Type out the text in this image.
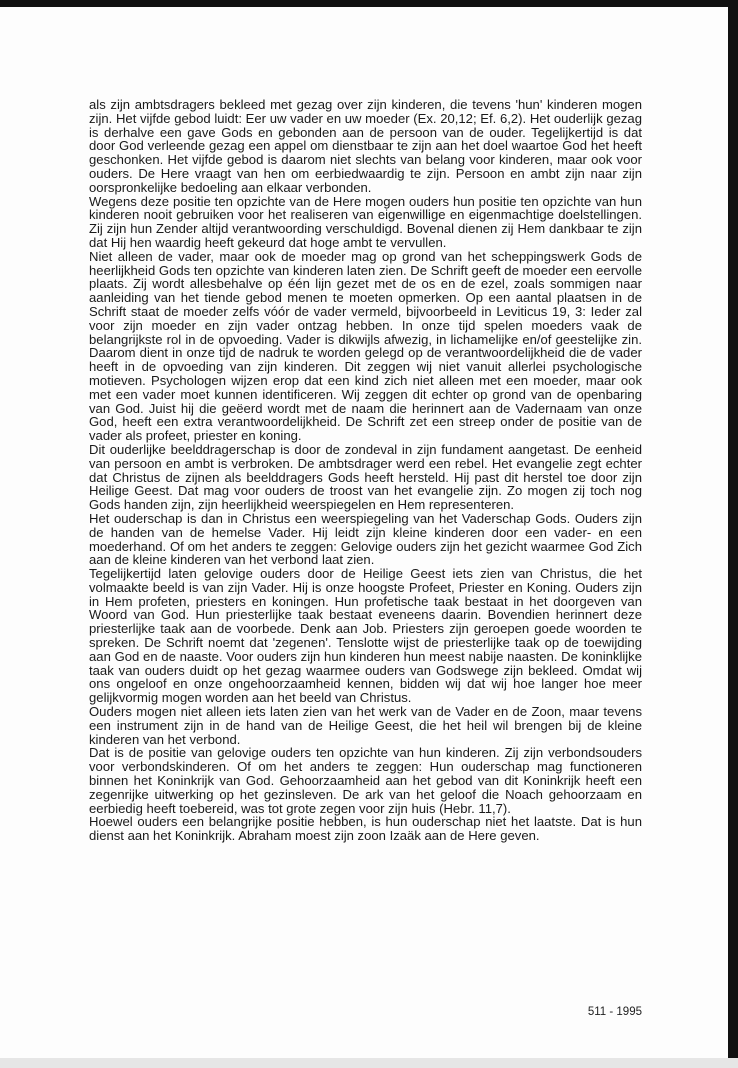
als zijn ambtsdragers bekleed met gezag over zijn kinderen, die tevens 'hun' kinderen mogen zijn. Het vijfde gebod luidt: Eer uw vader en uw moeder (Ex. 20,12; Ef. 6,2). Het ouderlijk gezag is derhalve een gave Gods en gebonden aan de persoon van de ouder. Tegelijkertijd is dat door God verleende gezag een appel om dienstbaar te zijn aan het doel waartoe God het heeft geschonken. Het vijfde gebod is daarom niet slechts van belang voor kinderen, maar ook voor ouders. De Here vraagt van hen om eerbiedwaardig te zijn. Persoon en ambt zijn naar zijn oorspronkelijke bedoeling aan elkaar verbonden.

Wegens deze positie ten opzichte van de Here mogen ouders hun positie ten opzichte van hun kinderen nooit gebruiken voor het realiseren van eigenwillige en eigenmachtige doelstellingen. Zij zijn hun Zender altijd verantwoording verschuldigd. Bovenal dienen zij Hem dankbaar te zijn dat Hij hen waardig heeft gekeurd dat hoge ambt te vervullen.

Niet alleen de vader, maar ook de moeder mag op grond van het scheppingswerk Gods de heerlijkheid Gods ten opzichte van kinderen laten zien. De Schrift geeft de moeder een eervolle plaats. Zij wordt allesbehalve op één lijn gezet met de os en de ezel, zoals sommigen naar aanleiding van het tiende gebod menen te moeten opmerken. Op een aantal plaatsen in de Schrift staat de moeder zelfs vóór de vader vermeld, bijvoorbeeld in Leviticus 19, 3: Ieder zal voor zijn moeder en zijn vader ontzag hebben. In onze tijd spelen moeders vaak de belangrijkste rol in de opvoeding. Vader is dikwijls afwezig, in lichamelijke en/of geestelijke zin. Daarom dient in onze tijd de nadruk te worden gelegd op de verantwoordelijkheid die de vader heeft in de opvoeding van zijn kinderen. Dit zeggen wij niet vanuit allerlei psychologische motieven. Psychologen wijzen erop dat een kind zich niet alleen met een moeder, maar ook met een vader moet kunnen identificeren. Wij zeggen dit echter op grond van de openbaring van God. Juist hij die geëerd wordt met de naam die herinnert aan de Vadernaam van onze God, heeft een extra verantwoordelijkheid. De Schrift zet een streep onder de positie van de vader als profeet, priester en koning.

Dit ouderlijke beelddragerschap is door de zondeval in zijn fundament aangetast. De eenheid van persoon en ambt is verbroken. De ambtsdrager werd een rebel. Het evangelie zegt echter dat Christus de zijnen als beelddragers Gods heeft hersteld. Hij past dit herstel toe door zijn Heilige Geest. Dat mag voor ouders de troost van het evangelie zijn. Zo mogen zij toch nog Gods handen zijn, zijn heerlijkheid weerspiegelen en Hem representeren.

Het ouderschap is dan in Christus een weerspiegeling van het Vaderschap Gods. Ouders zijn de handen van de hemelse Vader. Hij leidt zijn kleine kinderen door een vader- en een moederhand. Of om het anders te zeggen: Gelovige ouders zijn het gezicht waarmee God Zich aan de kleine kinderen van het verbond laat zien.

Tegelijkertijd laten gelovige ouders door de Heilige Geest iets zien van Christus, die het volmaakte beeld is van zijn Vader. Hij is onze hoogste Profeet, Priester en Koning. Ouders zijn in Hem profeten, priesters en koningen. Hun profetische taak bestaat in het doorgeven van Woord van God. Hun priesterlijke taak bestaat eveneens daarin. Bovendien herinnert deze priesterlijke taak aan de voorbede. Denk aan Job. Priesters zijn geroepen goede woorden te spreken. De Schrift noemt dat 'zegenen'. Tenslotte wijst de priesterlijke taak op de toewijding aan God en de naaste. Voor ouders zijn hun kinderen hun meest nabije naasten. De koninklijke taak van ouders duidt op het gezag waarmee ouders van Godswege zijn bekleed. Omdat wij ons ongeloof en onze ongehoorzaamheid kennen, bidden wij dat wij hoe langer hoe meer gelijkvormig mogen worden aan het beeld van Christus.

Ouders mogen niet alleen iets laten zien van het werk van de Vader en de Zoon, maar tevens een instrument zijn in de hand van de Heilige Geest, die het heil wil brengen bij de kleine kinderen van het verbond.

Dat is de positie van gelovige ouders ten opzichte van hun kinderen. Zij zijn verbondsouders voor verbondskinderen. Of om het anders te zeggen: Hun ouderschap mag functioneren binnen het Koninkrijk van God. Gehoorzaamheid aan het gebod van dit Koninkrijk heeft een zegenrijke uitwerking op het gezinsleven. De ark van het geloof die Noach gehoorzaam en eerbiedig heeft toebereid, was tot grote zegen voor zijn huis (Hebr. 11,7).

Hoewel ouders een belangrijke positie hebben, is hun ouderschap niet het laatste. Dat is hun dienst aan het Koninkrijk. Abraham moest zijn zoon Izaäk aan de Here geven.

511 - 1995
